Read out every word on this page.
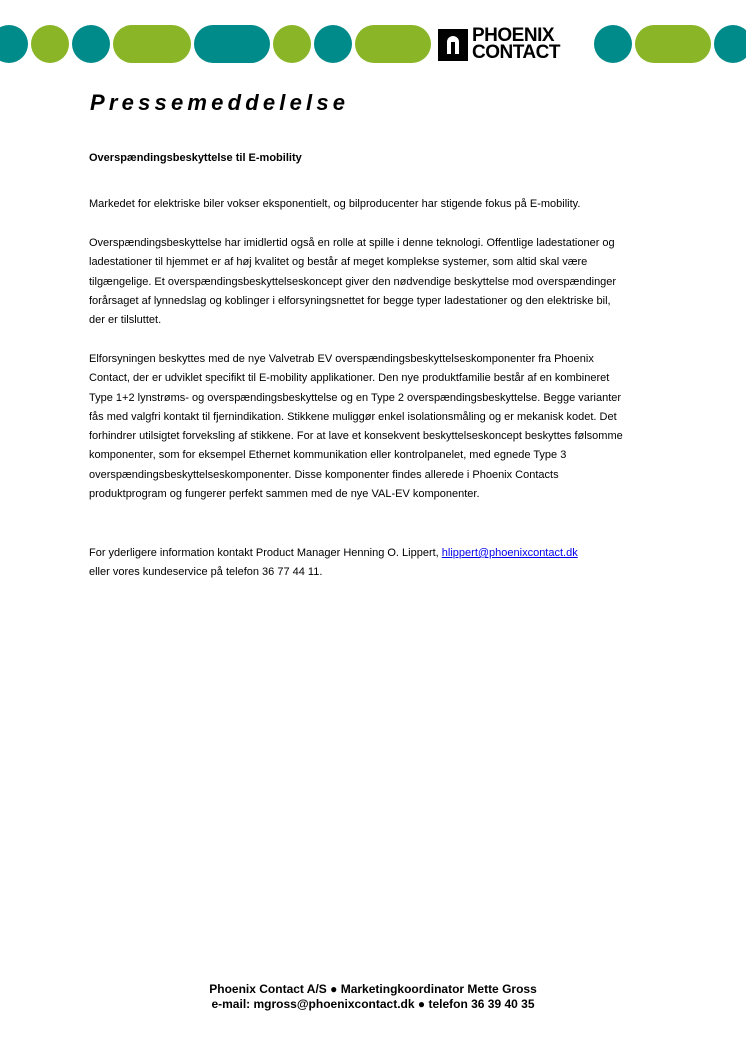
PHOENIX
CONTACT
Pressemeddelelse

Overspændingsbeskyttelse til E-mobility

Markedet for elektriske biler vokser eksponentielt, og bilproducenter har stigende fokus på E-mobility.

Overspændingsbeskyttelse har imidlertid også en rolle at spille i denne teknologi. Offentlige ladestationer og ladestationer til hjemmet er af høj kvalitet og består af meget komplekse systemer, som altid skal være tilgængelige. Et overspændingsbeskyttelseskoncept giver den nødvendige beskyttelse mod overspændinger forårsaget af lynnedslag og koblinger i elforsyningsnettet for begge typer ladestationer og den elektriske bil, der er tilsluttet.

Elforsyningen beskyttes med de nye Valvetrab EV overspændingsbeskyttelseskomponenter fra Phoenix Contact, der er udviklet specifikt til E-mobility applikationer. Den nye produktfamilie består af en kombineret Type 1+2 lynstrøms- og overspændingsbeskyttelse og en Type 2 overspændingsbeskyttelse. Begge varianter fås med valgfri kontakt til fjernindikation. Stikkene muliggør enkel isolationsmåling og er mekanisk kodet. Det forhindrer utilsigtet forveksling af stikkene. For at lave et konsekvent beskyttelseskoncept beskyttes følsomme komponenter, som for eksempel Ethernet kommunikation eller kontrolpanelet, med egnede Type 3 overspændingsbeskyttelseskomponenter. Disse komponenter findes allerede i Phoenix Contacts produktprogram og fungerer perfekt sammen med de nye VAL-EV komponenter.

For yderligere information kontakt Product Manager Henning O. Lippert, hlippert@phoenixcontact.dk
eller vores kundeservice på telefon 36 77 44 11.

Phoenix Contact A/S ● Marketingkoordinator Mette Gross

e-mail: mgross@phoenixcontact.dk ● telefon 36 39 40 35
